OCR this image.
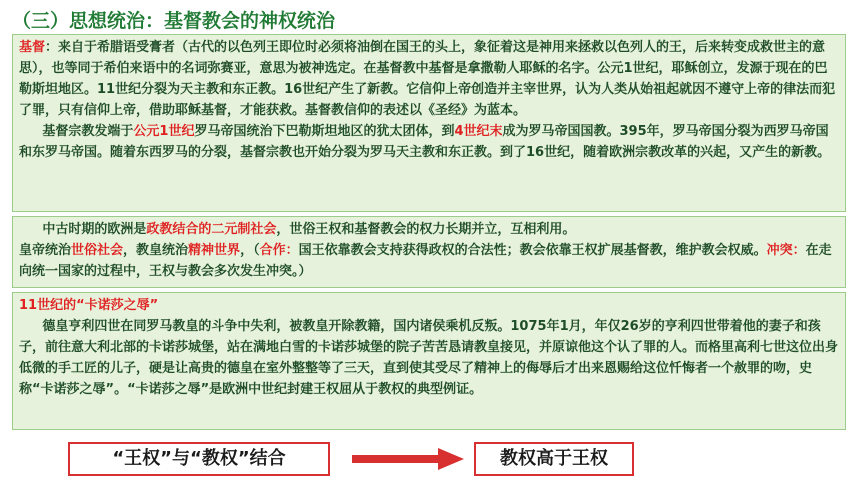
（三）思想统治：基督教会的神权统治

基督：来自于希腊语受膏者（古代的以色列王即位时必须将油倒在国王的头上，象征着这是神用来拯救以色列人的王，后来转变成救世主的意思），也等同于希伯来语中的名词弥赛亚，意思为被神选定。在基督教中基督是拿撒勒人耶稣的名字。公元1世纪，耶稣创立，发源于现在的巴勒斯坦地区。11世纪分裂为天主教和东正教。16世纪产生了新教。它信仰上帝创造并主宰世界，认为人类从始祖起就因不遵守上帝的律法而犯了罪，只有信仰上帝，借助耶稣基督，才能获救。基督教信仰的表述以《圣经》为蓝本。

基督宗教发端于公元1世纪罗马帝国统治下巴勒斯坦地区的犹太团体，到4世纪末成为罗马帝国国教。395年，罗马帝国分裂为西罗马帝国和东罗马帝国。随着东西罗马的分裂，基督宗教也开始分裂为罗马天主教和东正教。到了16世纪，随着欧洲宗教改革的兴起，又产生的新教。

中古时期的欧洲是政教结合的二元制社会，世俗王权和基督教会的权力长期并立，互相利用。

皇帝统治世俗社会，教皇统治精神世界，（合作：国王依靠教会支持获得政权的合法性；教会依靠王权扩展基督教，维护教会权威。冲突：在走向统一国家的过程中，王权与教会多次发生冲突。）

11世纪的“卡诺莎之辱”

德皇亨利四世在同罗马教皇的斗争中失利，被教皇开除教籍，国内诸侯乘机反叛。1075年1月，年仅26岁的亨利四世带着他的妻子和孩子，前往意大利北部的卡诺莎城堡，站在满地白雪的卡诺莎城堡的院子苦苦恳请教皇接见，并原谅他这个认了罪的人。而格里高利七世这位出身低微的手工匠的儿子，硬是让高贵的德皇在室外整整等了三天，直到使其受尽了精神上的侮辱后才出来恩赐给这位忏悔者一个赦罪的吻，史称“卡诺莎之辱”。“卡诺莎之辱”是欧洲中世纪封建王权屈从于教权的典型例证。

“王权”与“教权”结合	教权高于王权
